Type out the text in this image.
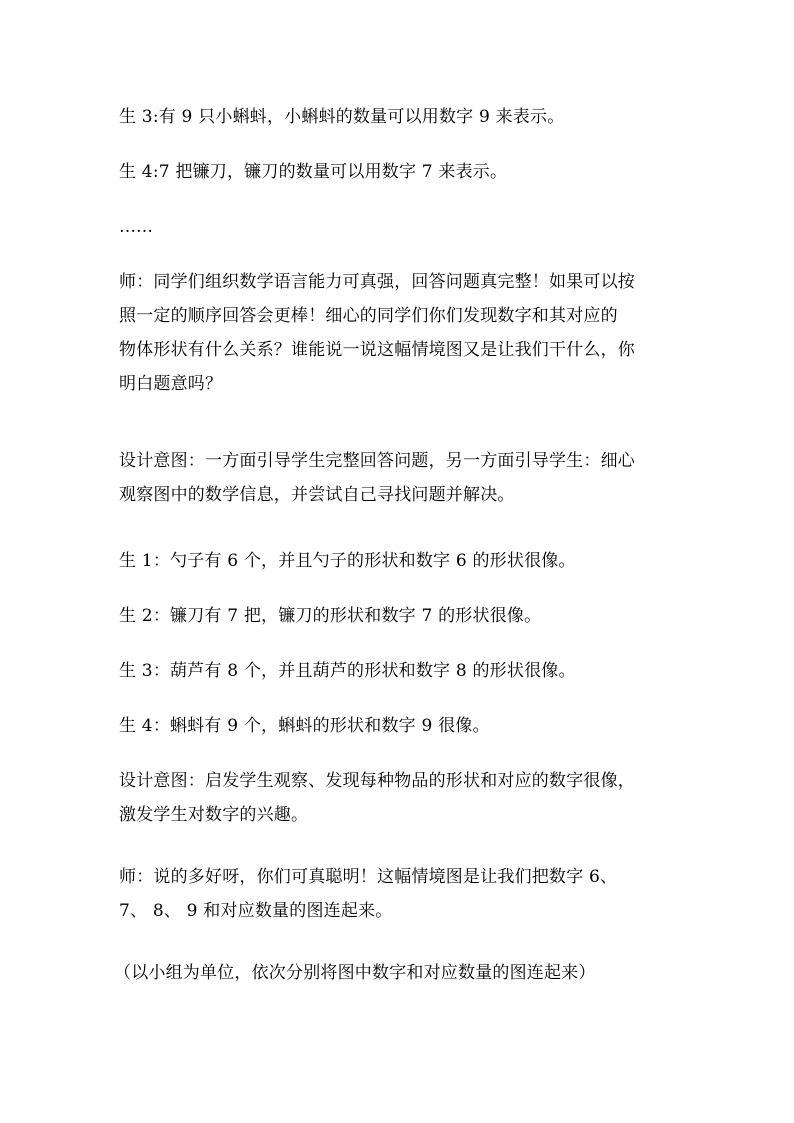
生 3:有 9 只小蝌蚪，小蝌蚪的数量可以用数字 9 来表示。

生 4:7 把镰刀，镰刀的数量可以用数字 7 来表示。

……

师：同学们组织数学语言能力可真强，回答问题真完整！如果可以按
照一定的顺序回答会更棒！细心的同学们你们发现数字和其对应的
物体形状有什么关系？谁能说一说这幅情境图又是让我们干什么，你
明白题意吗？

设计意图：一方面引导学生完整回答问题，另一方面引导学生：细心
观察图中的数学信息，并尝试自己寻找问题并解决。

生 1：勺子有 6 个，并且勺子的形状和数字 6 的形状很像。

生 2：镰刀有 7 把，镰刀的形状和数字 7 的形状很像。

生 3：葫芦有 8 个，并且葫芦的形状和数字 8 的形状很像。

生 4：蝌蚪有 9 个，蝌蚪的形状和数字 9 很像。

设计意图：启发学生观察、发现每种物品的形状和对应的数字很像，
激发学生对数字的兴趣。

师：说的多好呀，你们可真聪明！这幅情境图是让我们把数字 6、
7、 8、 9 和对应数量的图连起来。

（以小组为单位，依次分别将图中数字和对应数量的图连起来）
